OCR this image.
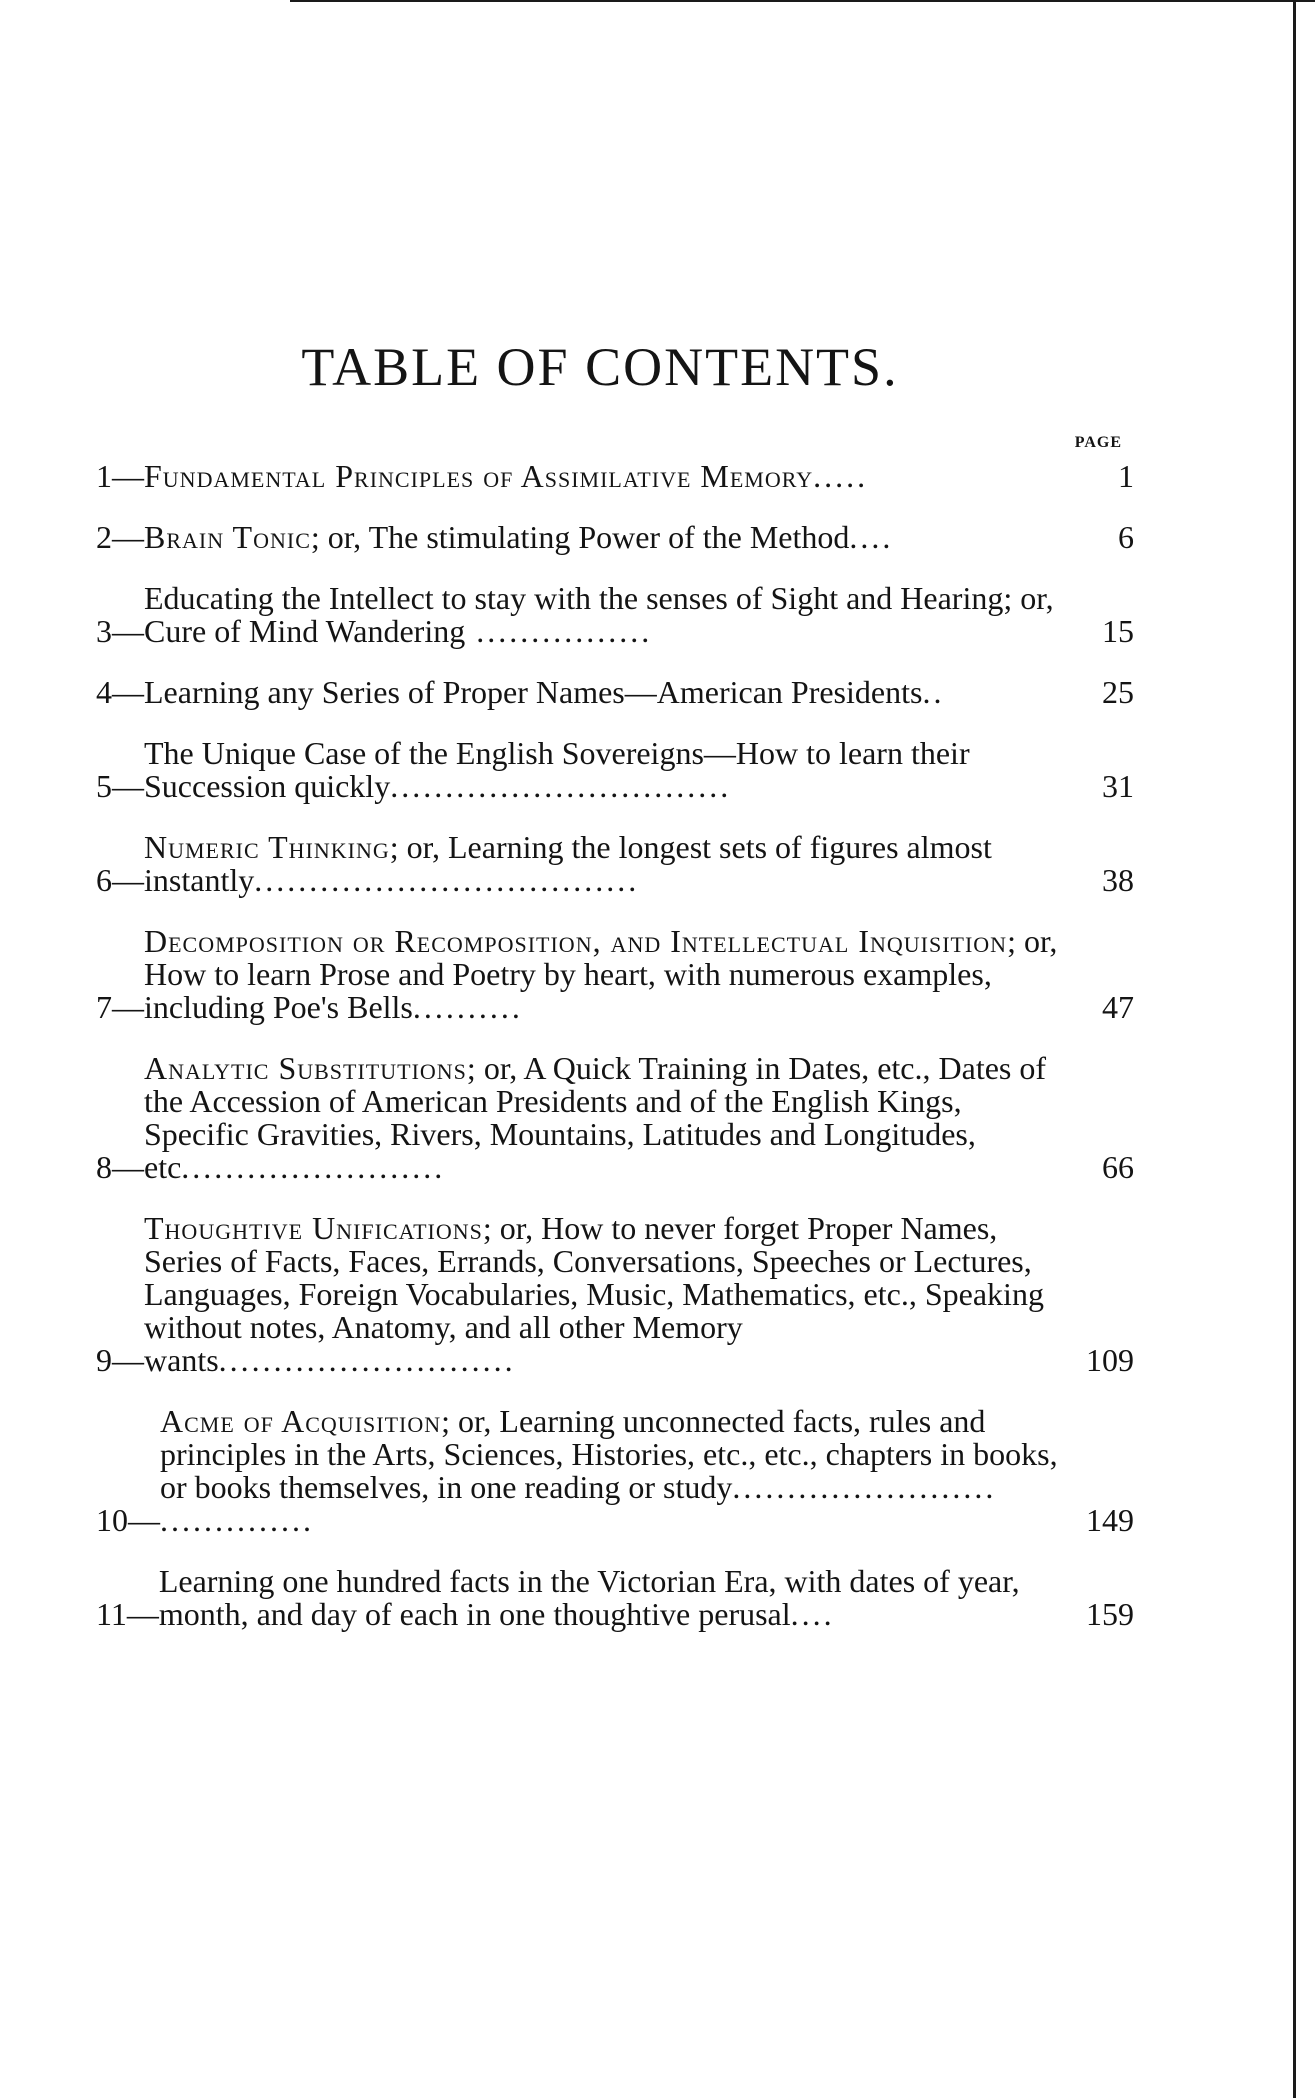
TABLE OF CONTENTS.
PAGE
1— Fundamental Principles of Assimilative Memory.....	1
2— Brain Tonic; or, The stimulating Power of the Method....	6
3—
Educating the Intellect to stay with the senses of Sight and Hearing; or, Cure of Mind Wandering ................	15
4— Learning any Series of Proper Names—American Presidents..	25
5—
The Unique Case of the English Sovereigns—How to learn their Succession quickly...............................	31
6—
Numeric Thinking; or, Learning the longest sets of figures almost instantly...................................	38
7—
Decomposition or Recomposition, and Intellectual Inquisition; or, How to learn Prose and Poetry by heart, with numerous examples, including Poe's Bells..........	47
8—
Analytic Substitutions; or, A Quick Training in Dates, etc., Dates of the Accession of American Presidents and of the English Kings, Specific Gravities, Rivers, Mountains, Latitudes and Longitudes, etc........................	66
9—
Thoughtive Unifications; or, How to never forget Proper Names, Series of Facts, Faces, Errands, Conversations, Speeches or Lectures, Languages, Foreign Vocabularies, Music, Mathematics, etc., Speaking without notes, Anatomy, and all other Memory wants...........................	109
10—
Acme of Acquisition; or, Learning unconnected facts, rules and principles in the Arts, Sciences, Histories, etc., etc., chapters in books, or books themselves, in one reading or study........................ ..............	149
11—
Learning one hundred facts in the Victorian Era, with dates of year, month, and day of each in one thoughtive perusal....	159
